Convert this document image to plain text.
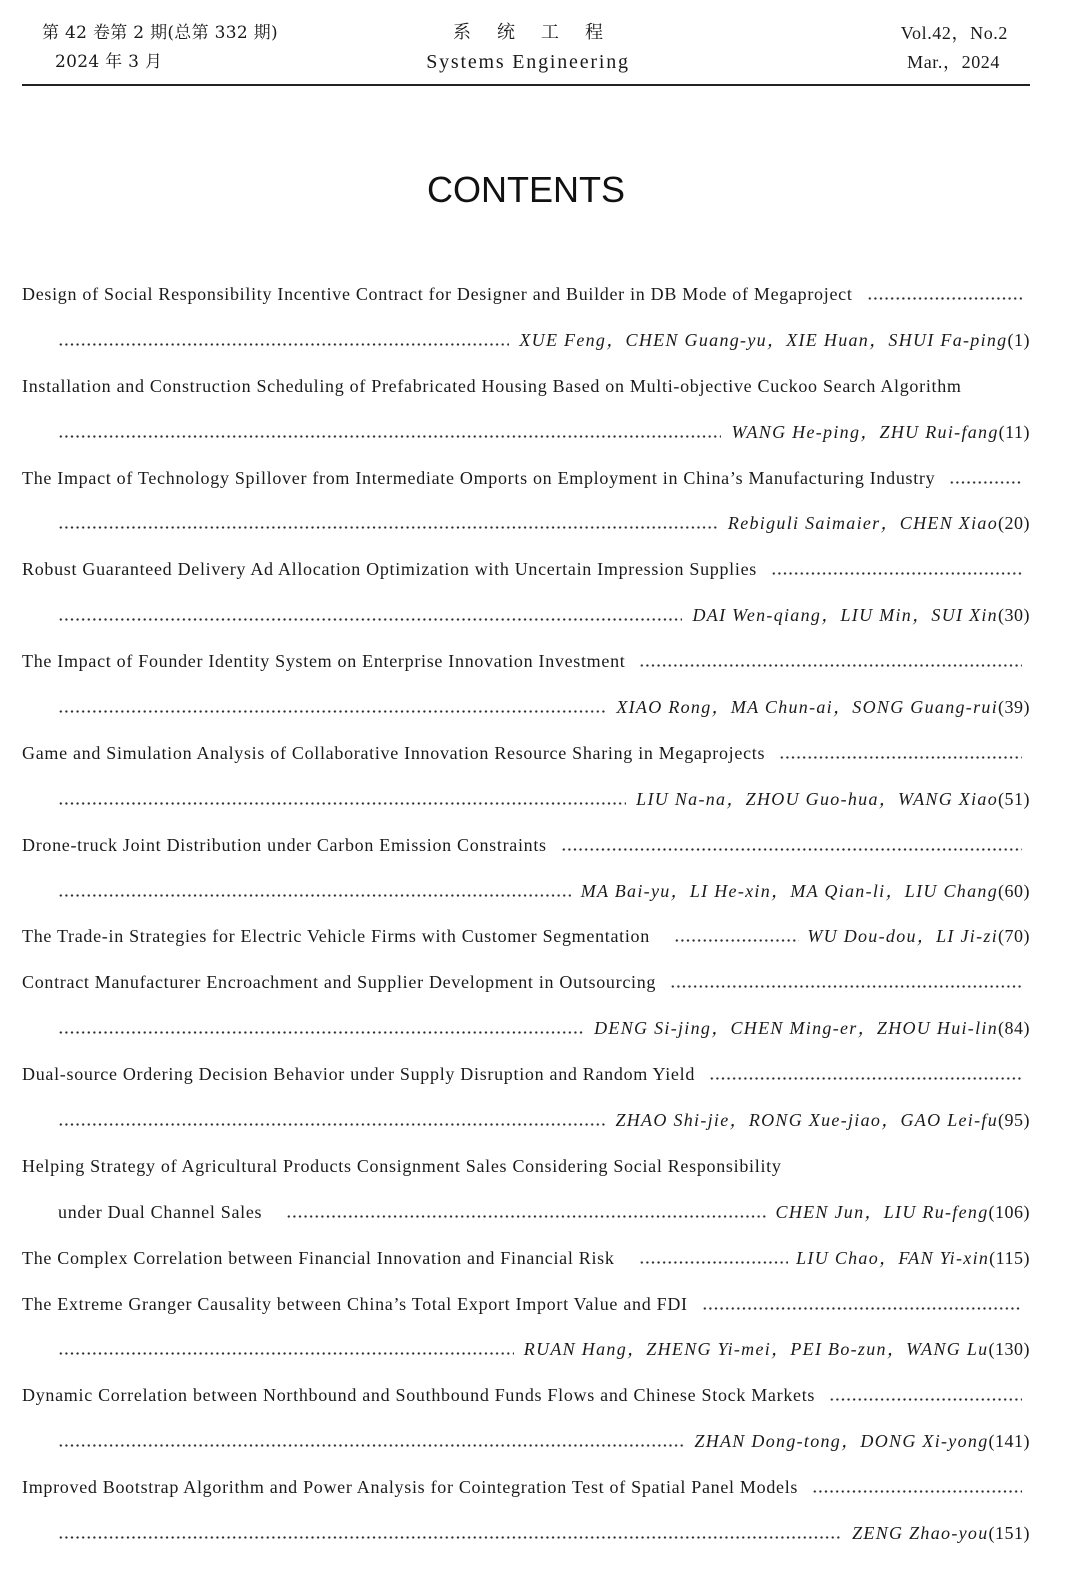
第 42 卷第 2 期(总第 332 期)
2024 年 3 月
系统工程
Systems Engineering
Vol.42，No.2
Mar.，2024
CONTENTS
Design of Social Responsibility Incentive Contract for Designer and Builder in DB Mode of Megaproject
XUE Feng，CHEN Guang-yu，XIE Huan，SHUI Fa-ping (1)
Installation and Construction Scheduling of Prefabricated Housing Based on Multi-objective Cuckoo Search Algorithm
WANG He-ping，ZHU Rui-fang (11)
The Impact of Technology Spillover from Intermediate Omports on Employment in China’s Manufacturing Industry
Rebiguli Saimaier，CHEN Xiao (20)
Robust Guaranteed Delivery Ad Allocation Optimization with Uncertain Impression Supplies
DAI Wen-qiang，LIU Min，SUI Xin (30)
The Impact of Founder Identity System on Enterprise Innovation Investment
XIAO Rong，MA Chun-ai，SONG Guang-rui (39)
Game and Simulation Analysis of Collaborative Innovation Resource Sharing in Megaprojects
LIU Na-na，ZHOU Guo-hua，WANG Xiao (51)
Drone-truck Joint Distribution under Carbon Emission Constraints
MA Bai-yu，LI He-xin，MA Qian-li，LIU Chang (60)
The Trade-in Strategies for Electric Vehicle Firms with Customer Segmentation	WU Dou-dou，LI Ji-zi (70)
Contract Manufacturer Encroachment and Supplier Development in Outsourcing
DENG Si-jing，CHEN Ming-er，ZHOU Hui-lin (84)
Dual-source Ordering Decision Behavior under Supply Disruption and Random Yield
ZHAO Shi-jie，RONG Xue-jiao，GAO Lei-fu (95)
Helping Strategy of Agricultural Products Consignment Sales Considering Social Responsibility
under Dual Channel Sales	CHEN Jun，LIU Ru-feng (106)
The Complex Correlation between Financial Innovation and Financial Risk	LIU Chao，FAN Yi-xin (115)
The Extreme Granger Causality between China’s Total Export Import Value and FDI
RUAN Hang，ZHENG Yi-mei，PEI Bo-zun，WANG Lu (130)
Dynamic Correlation between Northbound and Southbound Funds Flows and Chinese Stock Markets
ZHAN Dong-tong，DONG Xi-yong (141)
Improved Bootstrap Algorithm and Power Analysis for Cointegration Test of Spatial Panel Models
ZENG Zhao-you (151)
